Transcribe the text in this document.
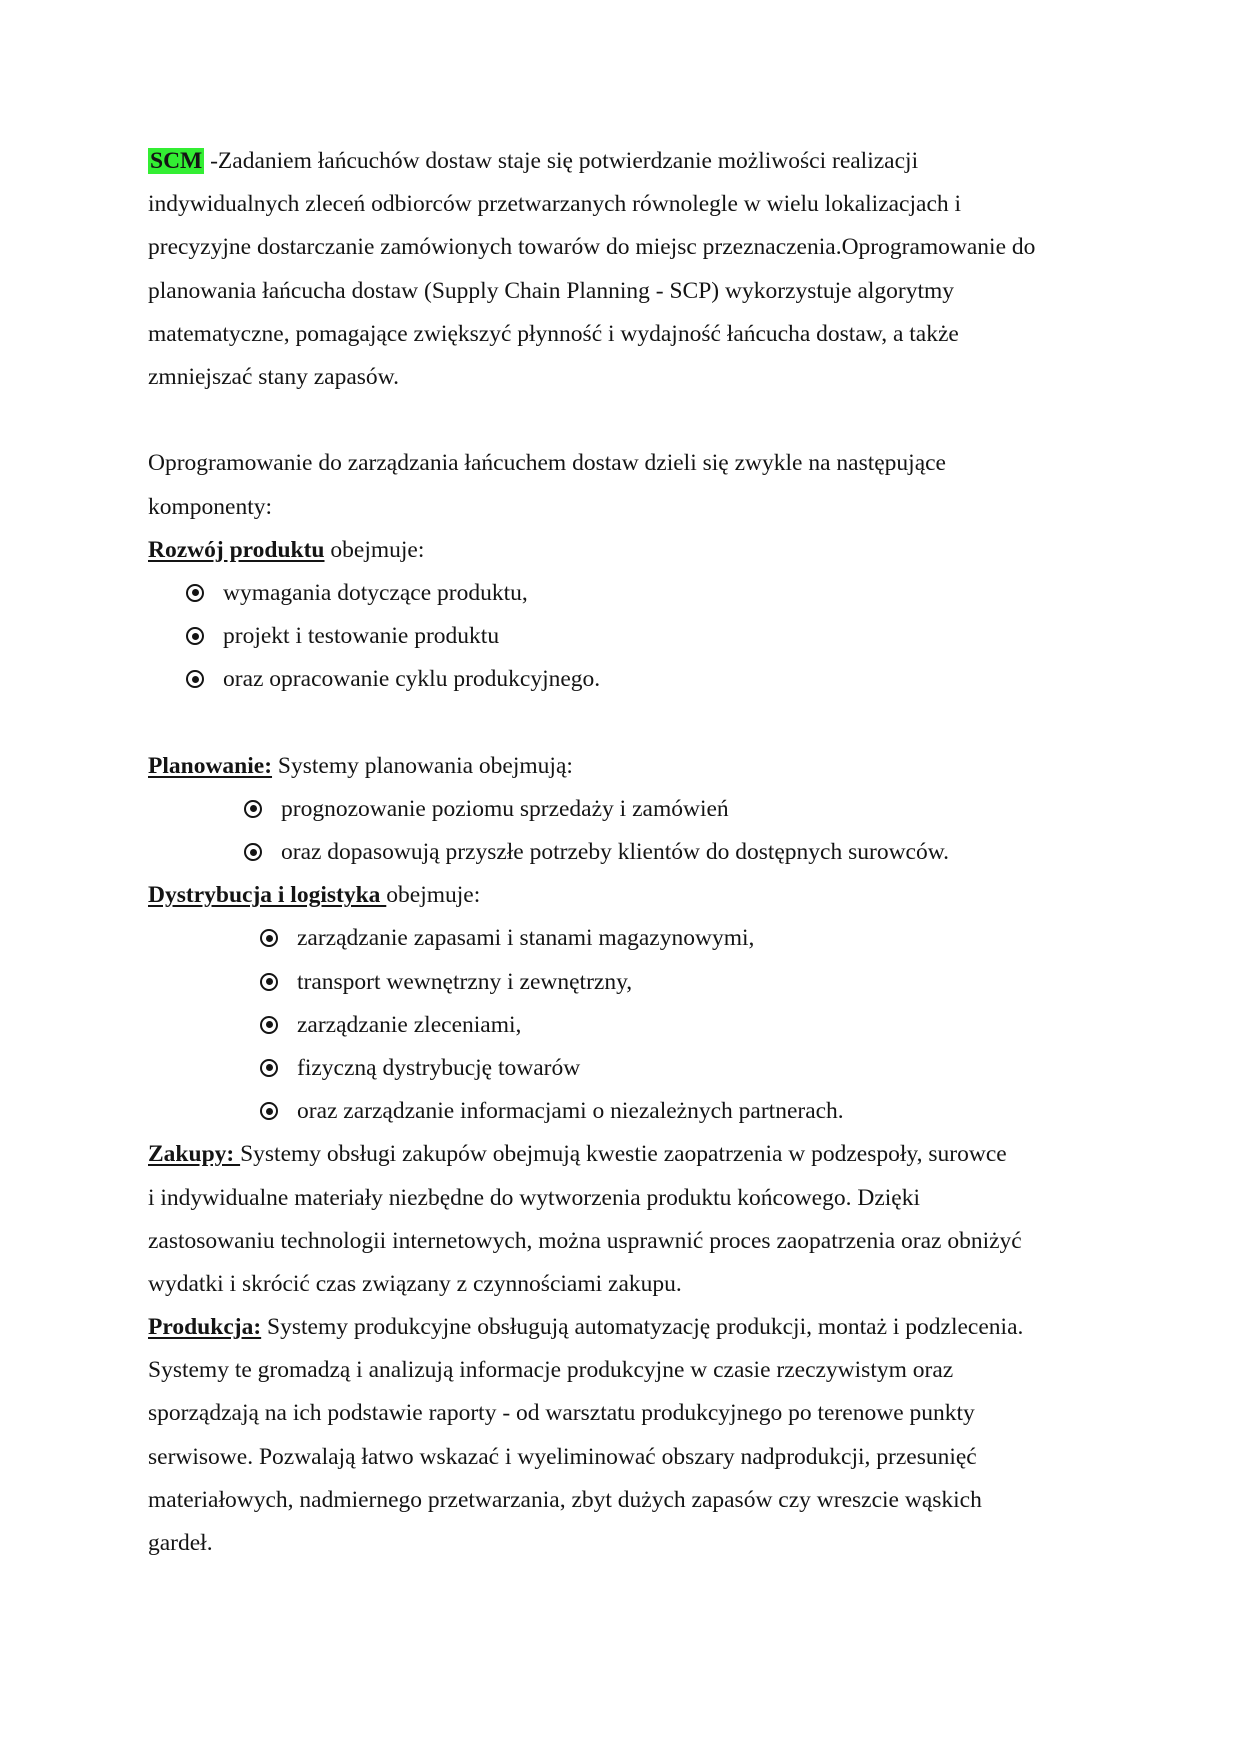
SCM -Zadaniem łańcuchów dostaw staje się potwierdzanie możliwości realizacji
indywidualnych zleceń odbiorców przetwarzanych równolegle w wielu lokalizacjach i
precyzyjne dostarczanie zamówionych towarów do miejsc przeznaczenia.Oprogramowanie do
planowania łańcucha dostaw (Supply Chain Planning - SCP) wykorzystuje algorytmy
matematyczne, pomagające zwiększyć płynność i wydajność łańcucha dostaw, a także
zmniejszać stany zapasów.
Oprogramowanie do zarządzania łańcuchem dostaw dzieli się zwykle na następujące
komponenty:
Rozwój produktu obejmuje:
wymagania dotyczące produktu,
projekt i testowanie produktu
oraz opracowanie cyklu produkcyjnego.
Planowanie: Systemy planowania obejmują:
prognozowanie poziomu sprzedaży i zamówień
oraz dopasowują przyszłe potrzeby klientów do dostępnych surowców.
Dystrybucja i logistyka obejmuje:
zarządzanie zapasami i stanami magazynowymi,
transport wewnętrzny i zewnętrzny,
zarządzanie zleceniami,
fizyczną dystrybucję towarów
oraz zarządzanie informacjami o niezależnych partnerach.
Zakupy: Systemy obsługi zakupów obejmują kwestie zaopatrzenia w podzespoły, surowce
i indywidualne materiały niezbędne do wytworzenia produktu końcowego. Dzięki
zastosowaniu technologii internetowych, można usprawnić proces zaopatrzenia oraz obniżyć
wydatki i skrócić czas związany z czynnościami zakupu.
Produkcja: Systemy produkcyjne obsługują automatyzację produkcji, montaż i podzlecenia.
Systemy te gromadzą i analizują informacje produkcyjne w czasie rzeczywistym oraz
sporządzają na ich podstawie raporty - od warsztatu produkcyjnego po terenowe punkty
serwisowe. Pozwalają łatwo wskazać i wyeliminować obszary nadprodukcji, przesunięć
materiałowych, nadmiernego przetwarzania, zbyt dużych zapasów czy wreszcie wąskich
gardeł.
